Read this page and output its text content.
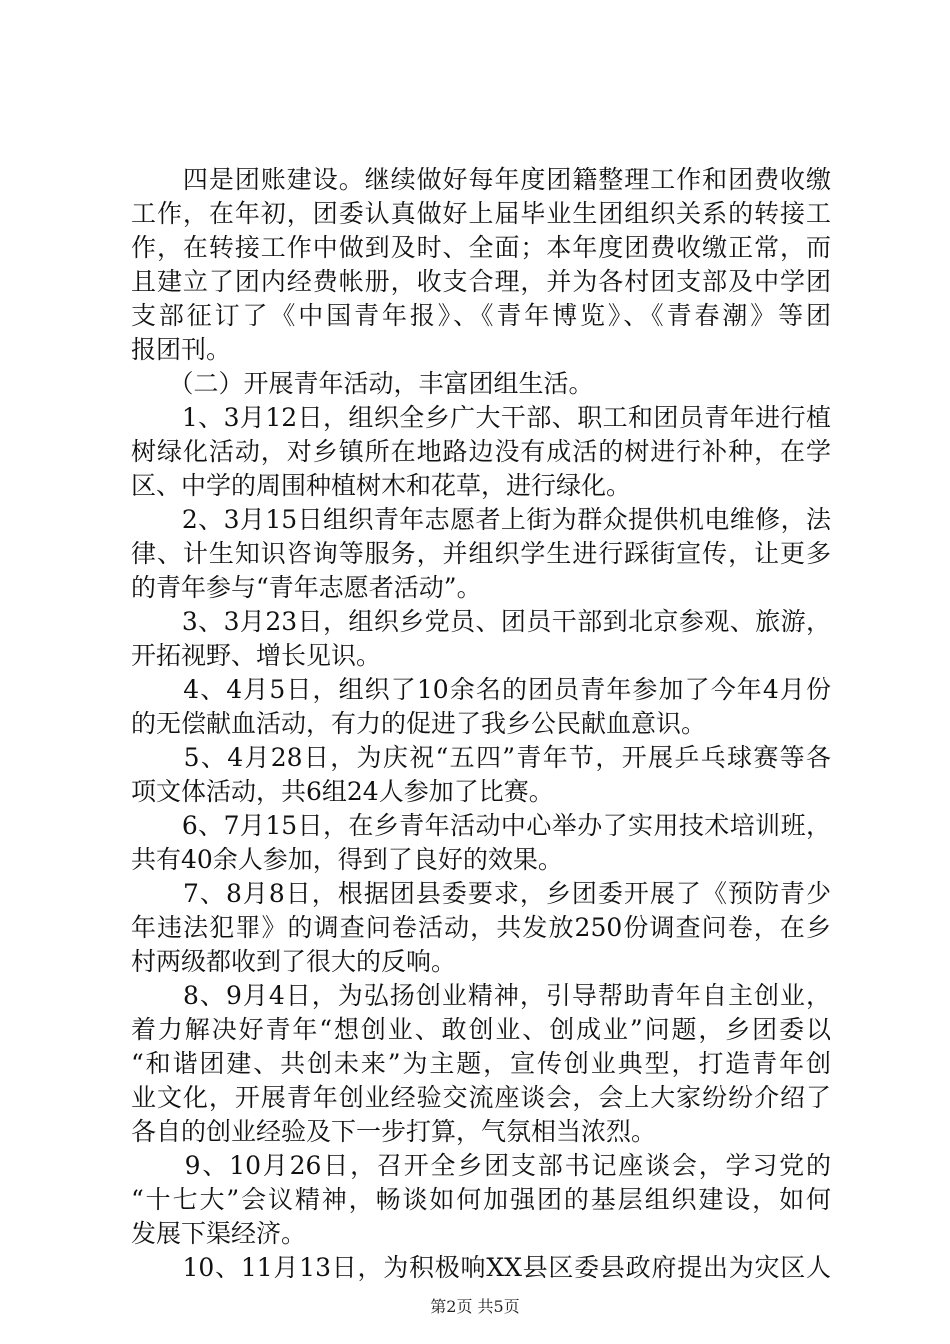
　　四是团账建设。继续做好每年度团籍整理工作和团费收缴
工作，在年初，团委认真做好上届毕业生团组织关系的转接工
作，在转接工作中做到及时、全面；本年度团费收缴正常，而
且建立了团内经费帐册，收支合理，并为各村团支部及中学团
支部征订了《中国青年报》、《青年博览》、《青春潮》等团
报团刊。
　　（二）开展青年活动，丰富团组生活。
　　1、3月12日，组织全乡广大干部、职工和团员青年进行植
树绿化活动，对乡镇所在地路边没有成活的树进行补种，在学
区、中学的周围种植树木和花草，进行绿化。
　　2、3月15日组织青年志愿者上街为群众提供机电维修，法
律、计生知识咨询等服务，并组织学生进行踩街宣传，让更多
的青年参与“青年志愿者活动”。
　　3、3月23日，组织乡党员、团员干部到北京参观、旅游，
开拓视野、增长见识。
　　4、4月5日，组织了10余名的团员青年参加了今年4月份
的无偿献血活动，有力的促进了我乡公民献血意识。
　　5、4月28日，为庆祝“五四”青年节，开展乒乓球赛等各
项文体活动，共6组24人参加了比赛。
　　6、7月15日，在乡青年活动中心举办了实用技术培训班，
共有40余人参加，得到了良好的效果。
　　7、8月8日，根据团县委要求，乡团委开展了《预防青少
年违法犯罪》的调查问卷活动，共发放250份调查问卷，在乡
村两级都收到了很大的反响。
　　8、9月4日，为弘扬创业精神，引导帮助青年自主创业，
着力解决好青年“想创业、敢创业、创成业”问题，乡团委以
“和谐团建、共创未来”为主题，宣传创业典型，打造青年创
业文化，开展青年创业经验交流座谈会，会上大家纷纷介绍了
各自的创业经验及下一步打算，气氛相当浓烈。
　　9、10月26日，召开全乡团支部书记座谈会，学习党的
“十七大”会议精神，畅谈如何加强团的基层组织建设，如何
发展下渠经济。
　　10、11月13日，为积极响XX县区委县政府提出为灾区人
第2页 共5页
